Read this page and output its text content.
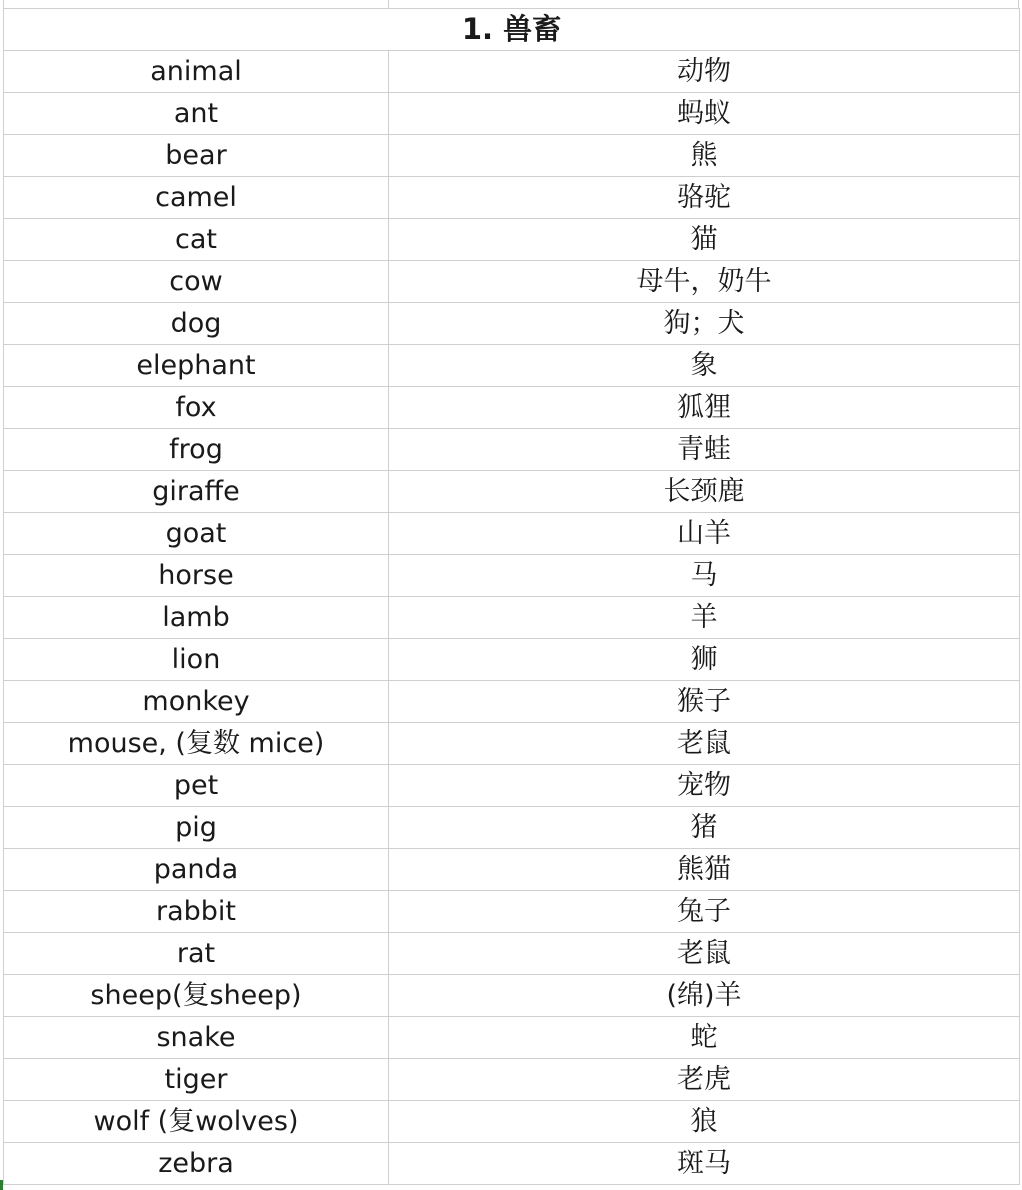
1. 兽畜	
animal	动物
ant	蚂蚁
bear	熊
camel	骆驼
cat	猫
cow	母牛，奶牛
dog	狗；犬
elephant	象
fox	狐狸
frog	青蛙
giraffe	长颈鹿
goat	山羊
horse	马
lamb	羊
lion	狮
monkey	猴子
mouse, (复数 mice)	老鼠
pet	宠物
pig	猪
panda	熊猫
rabbit	兔子
rat	老鼠
sheep(复sheep)	(绵)羊
snake	蛇
tiger	老虎
wolf (复wolves)	狼
zebra	斑马
